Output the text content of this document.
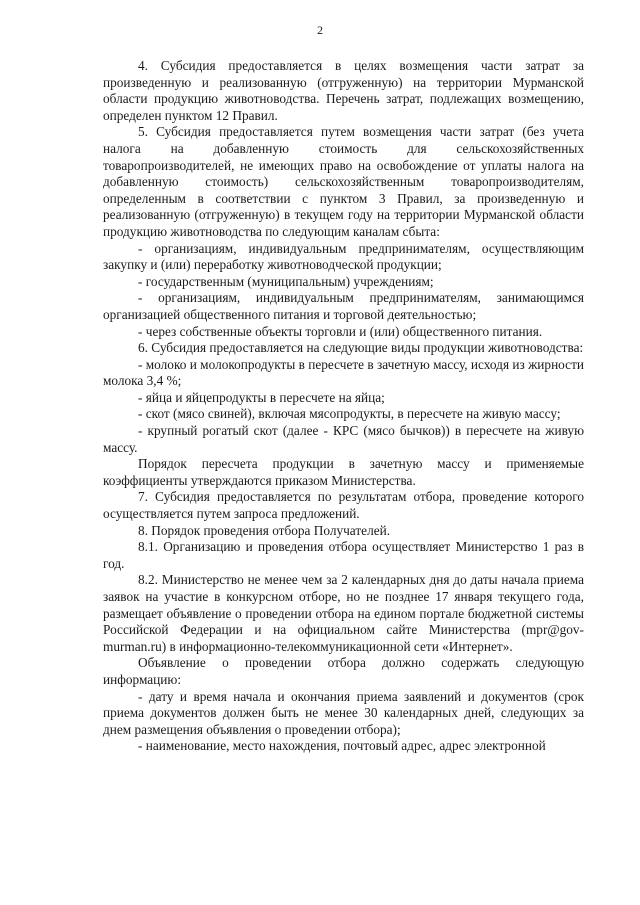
2

4. Субсидия предоставляется в целях возмещения части затрат за произведенную и реализованную (отгруженную) на территории Мурманской области продукцию животноводства. Перечень затрат, подлежащих возмещению, определен пунктом 12 Правил.

5. Субсидия предоставляется путем возмещения части затрат (без учета налога на добавленную стоимость для сельскохозяйственных товаропроизводителей, не имеющих право на освобождение от уплаты налога на добавленную стоимость) сельскохозяйственным товаропроизводителям, определенным в соответствии с пунктом 3 Правил, за произведенную и реализованную (отгруженную) в текущем году на территории Мурманской области продукцию животноводства по следующим каналам сбыта:

- организациям, индивидуальным предпринимателям, осуществляющим закупку и (или) переработку животноводческой продукции;

- государственным (муниципальным) учреждениям;

- организациям, индивидуальным предпринимателям, занимающимся организацией общественного питания и торговой деятельностью;

- через собственные объекты торговли и (или) общественного питания.

6. Субсидия предоставляется на следующие виды продукции животноводства:

- молоко и молокопродукты в пересчете в зачетную массу, исходя из жирности молока 3,4 %;

- яйца и яйцепродукты в пересчете на яйца;

- скот (мясо свиней), включая мясопродукты, в пересчете на живую массу;

- крупный рогатый скот (далее - КРС (мясо бычков)) в пересчете на живую массу.

Порядок пересчета продукции в зачетную массу и применяемые коэффициенты утверждаются приказом Министерства.

7. Субсидия предоставляется по результатам отбора, проведение которого осуществляется путем запроса предложений.

8. Порядок проведения отбора Получателей.

8.1. Организацию и проведения отбора осуществляет Министерство 1 раз в год.

8.2. Министерство не менее чем за 2 календарных дня до даты начала приема заявок на участие в конкурсном отборе, но не позднее 17 января текущего года, размещает объявление о проведении отбора на едином портале бюджетной системы Российской Федерации и на официальном сайте Министерства (mpr@gov-murman.ru) в информационно-телекоммуникационной сети «Интернет».

Объявление о проведении отбора должно содержать следующую информацию:

- дату и время начала и окончания приема заявлений и документов (срок приема документов должен быть не менее 30 календарных дней, следующих за днем размещения объявления о проведении отбора);

- наименование, место нахождения, почтовый адрес, адрес электронной
